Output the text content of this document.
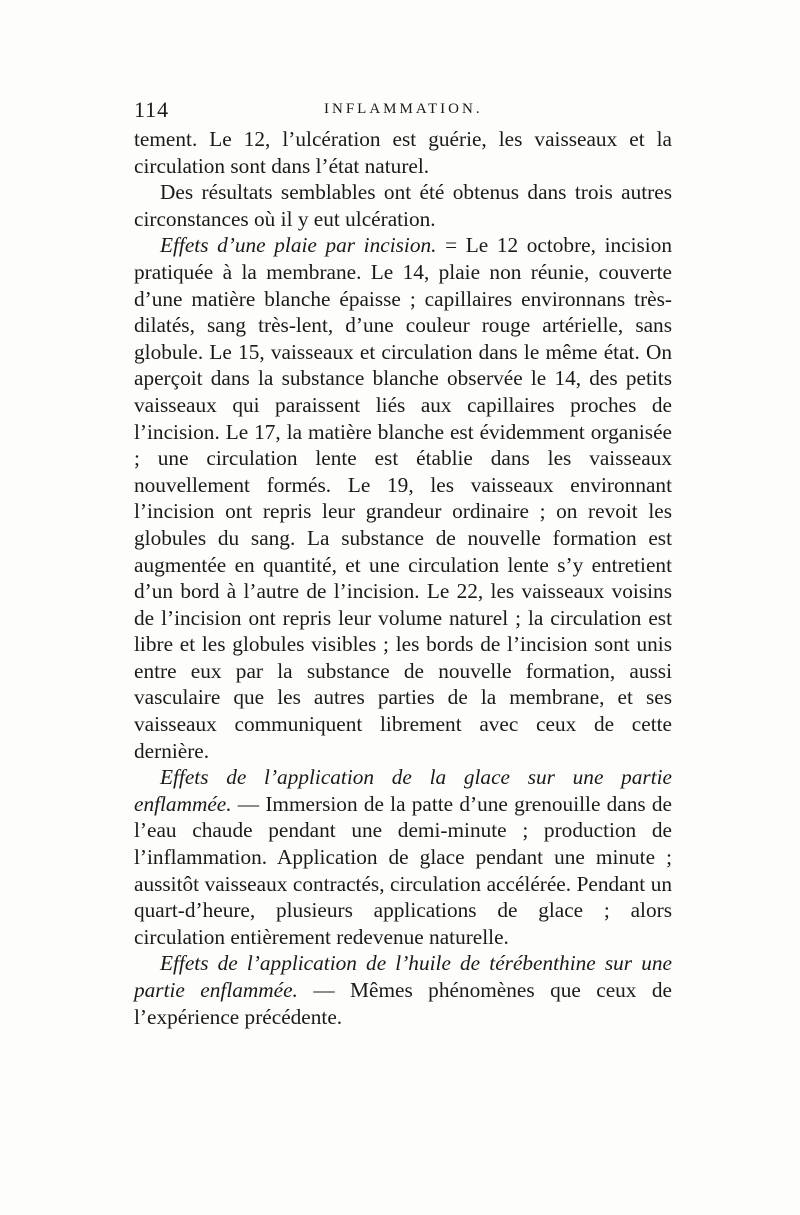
114	INFLAMMATION.

tement. Le 12, l’ulcération est guérie, les vaisseaux et la circulation sont dans l’état naturel.

Des résultats semblables ont été obtenus dans trois autres circonstances où il y eut ulcération.

Effets d’une plaie par incision. = Le 12 octobre, incision pratiquée à la membrane. Le 14, plaie non réunie, couverte d’une matière blanche épaisse ; capillaires environnans très-dilatés, sang très-lent, d’une couleur rouge artérielle, sans globule. Le 15, vaisseaux et circulation dans le même état. On aperçoit dans la substance blanche observée le 14, des petits vaisseaux qui paraissent liés aux capillaires proches de l’incision. Le 17, la matière blanche est évidemment organisée ; une circulation lente est établie dans les vaisseaux nouvellement formés. Le 19, les vaisseaux environnant l’incision ont repris leur grandeur ordinaire ; on revoit les globules du sang. La substance de nouvelle formation est augmentée en quantité, et une circulation lente s’y entretient d’un bord à l’autre de l’incision. Le 22, les vaisseaux voisins de l’incision ont repris leur volume naturel ; la circulation est libre et les globules visibles ; les bords de l’incision sont unis entre eux par la substance de nouvelle formation, aussi vasculaire que les autres parties de la membrane, et ses vaisseaux communiquent librement avec ceux de cette dernière.

Effets de l’application de la glace sur une partie enflammée. — Immersion de la patte d’une grenouille dans de l’eau chaude pendant une demi-minute ; production de l’inflammation. Application de glace pendant une minute ; aussitôt vaisseaux contractés, circulation accélérée. Pendant un quart-d’heure, plusieurs applications de glace ; alors circulation entièrement redevenue naturelle.

Effets de l’application de l’huile de térébenthine sur une partie enflammée. — Mêmes phénomènes que ceux de l’expérience précédente.
